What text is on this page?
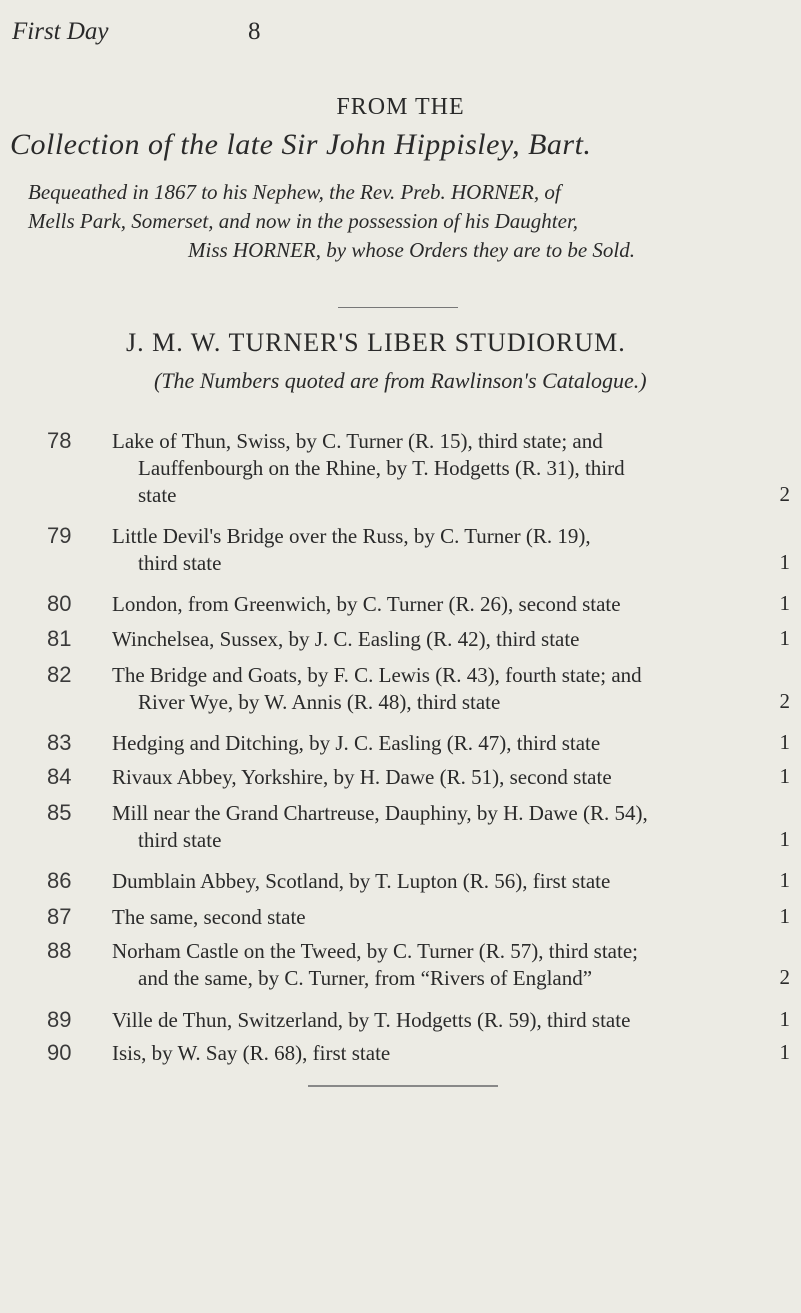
First Day	8
FROM THE
Collection of the late Sir John Hippisley, Bart.
Bequeathed in 1867 to his Nephew, the Rev. Preb. HORNER, of
Mells Park, Somerset, and now in the possession of his Daughter,
Miss HORNER, by whose Orders they are to be Sold.
J. M. W. TURNER'S LIBER STUDIORUM.
(The Numbers quoted are from Rawlinson's Catalogue.)
78	Lake of Thun, Swiss, by C. Turner (R. 15), third state; and
Lauffenbourgh on the Rhine, by T. Hodgetts (R. 31), third
state	2
79	Little Devil's Bridge over the Russ, by C. Turner (R. 19),
third state	1
80	London, from Greenwich, by C. Turner (R. 26), second state	1
81	Winchelsea, Sussex, by J. C. Easling (R. 42), third state	1
82	The Bridge and Goats, by F. C. Lewis (R. 43), fourth state; and
River Wye, by W. Annis (R. 48), third state	2
83	Hedging and Ditching, by J. C. Easling (R. 47), third state	1
84	Rivaux Abbey, Yorkshire, by H. Dawe (R. 51), second state	1
85	Mill near the Grand Chartreuse, Dauphiny, by H. Dawe (R. 54),
third state	1
86	Dumblain Abbey, Scotland, by T. Lupton (R. 56), first state	1
87	The same, second state	1
88	Norham Castle on the Tweed, by C. Turner (R. 57), third state;
and the same, by C. Turner, from “Rivers of England”	2
89	Ville de Thun, Switzerland, by T. Hodgetts (R. 59), third state	1
90	Isis, by W. Say (R. 68), first state	1
